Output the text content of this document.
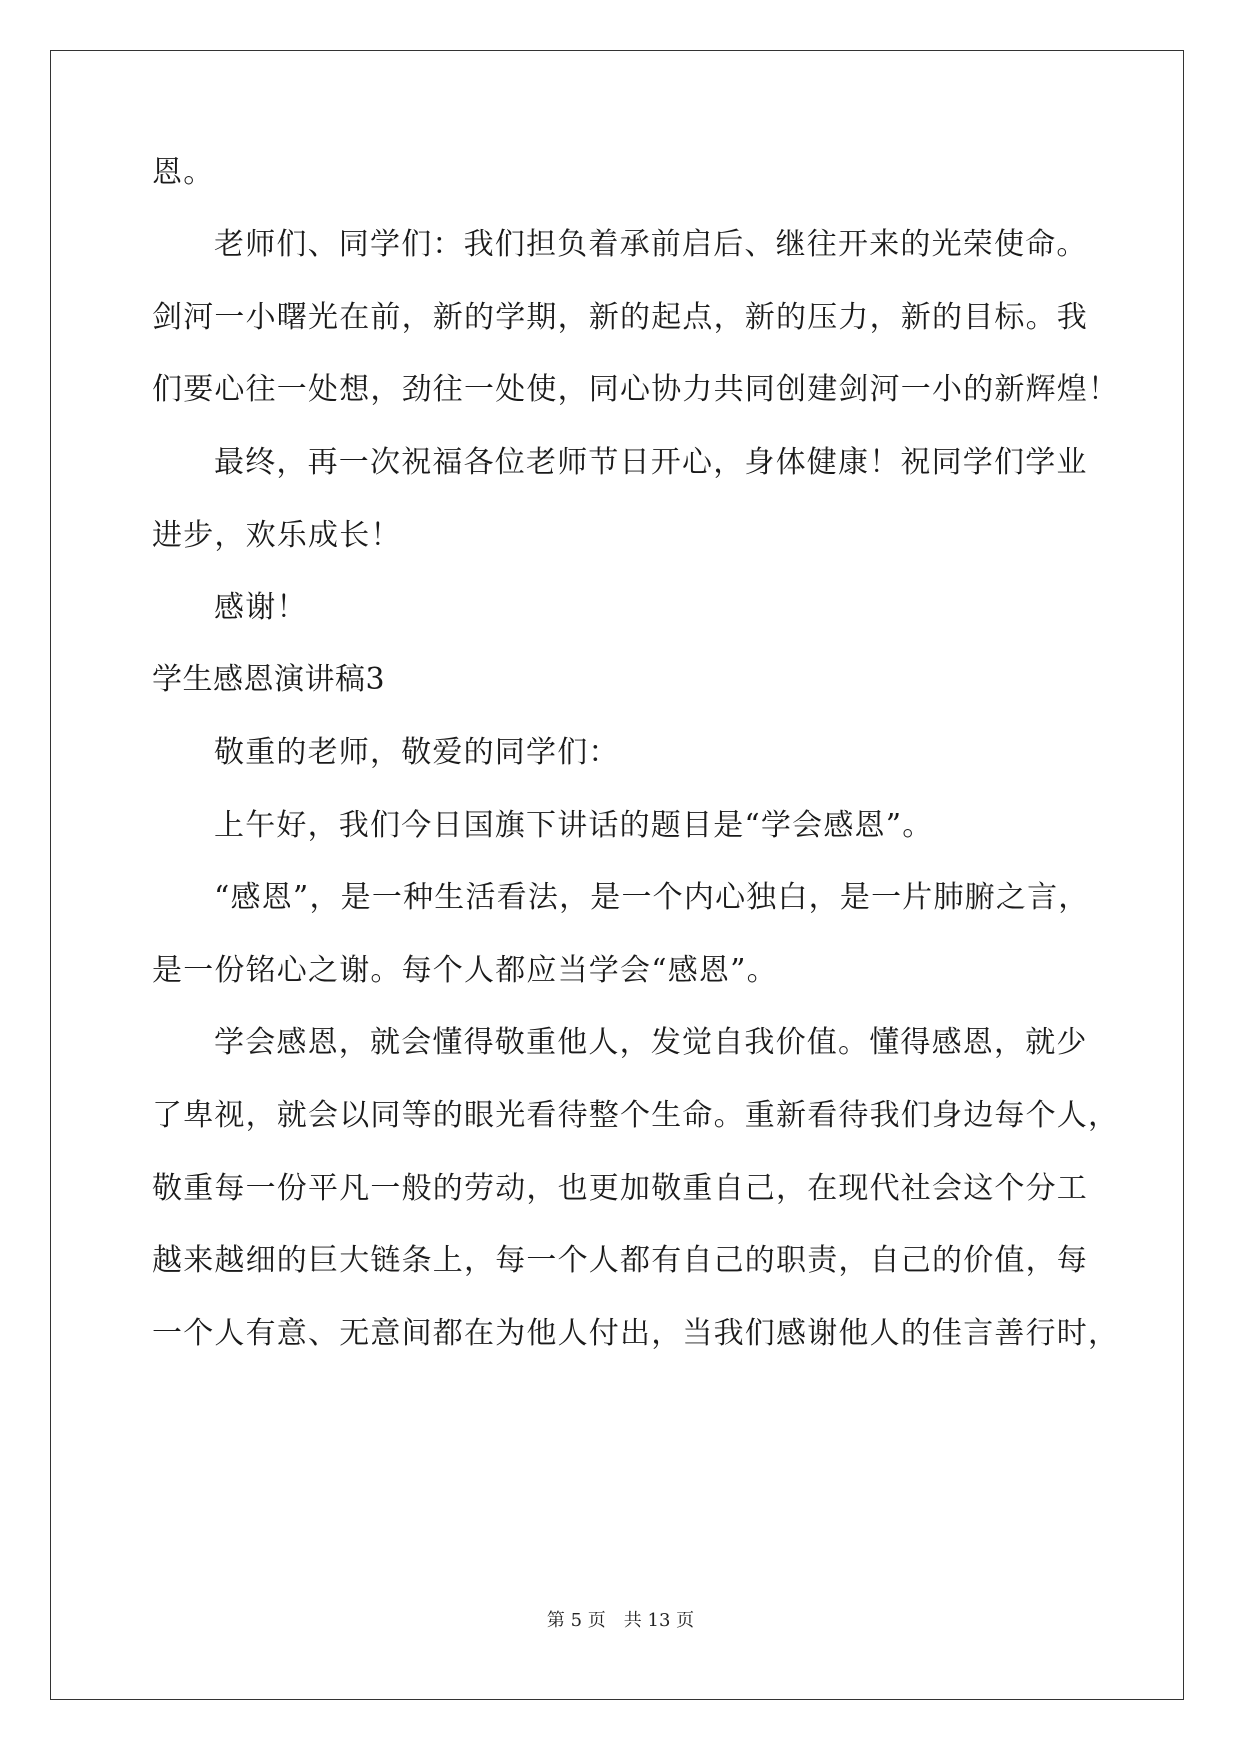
恩。
老师们、同学们：我们担负着承前启后、继往开来的光荣使命。
剑河一小曙光在前，新的学期，新的起点，新的压力，新的目标。我
们要心往一处想，劲往一处使，同心协力共同创建剑河一小的新辉煌！
最终，再一次祝福各位老师节日开心，身体健康！祝同学们学业
进步，欢乐成长！
感谢！
学生感恩演讲稿3
敬重的老师，敬爱的同学们：
上午好，我们今日国旗下讲话的题目是“学会感恩”。
“感恩”，是一种生活看法，是一个内心独白，是一片肺腑之言，
是一份铭心之谢。每个人都应当学会“感恩”。
学会感恩，就会懂得敬重他人，发觉自我价值。懂得感恩，就少
了卑视，就会以同等的眼光看待整个生命。重新看待我们身边每个人，
敬重每一份平凡一般的劳动，也更加敬重自己，在现代社会这个分工
越来越细的巨大链条上，每一个人都有自己的职责，自己的价值，每
一个人有意、无意间都在为他人付出，当我们感谢他人的佳言善行时，
第 5 页　共 13 页
